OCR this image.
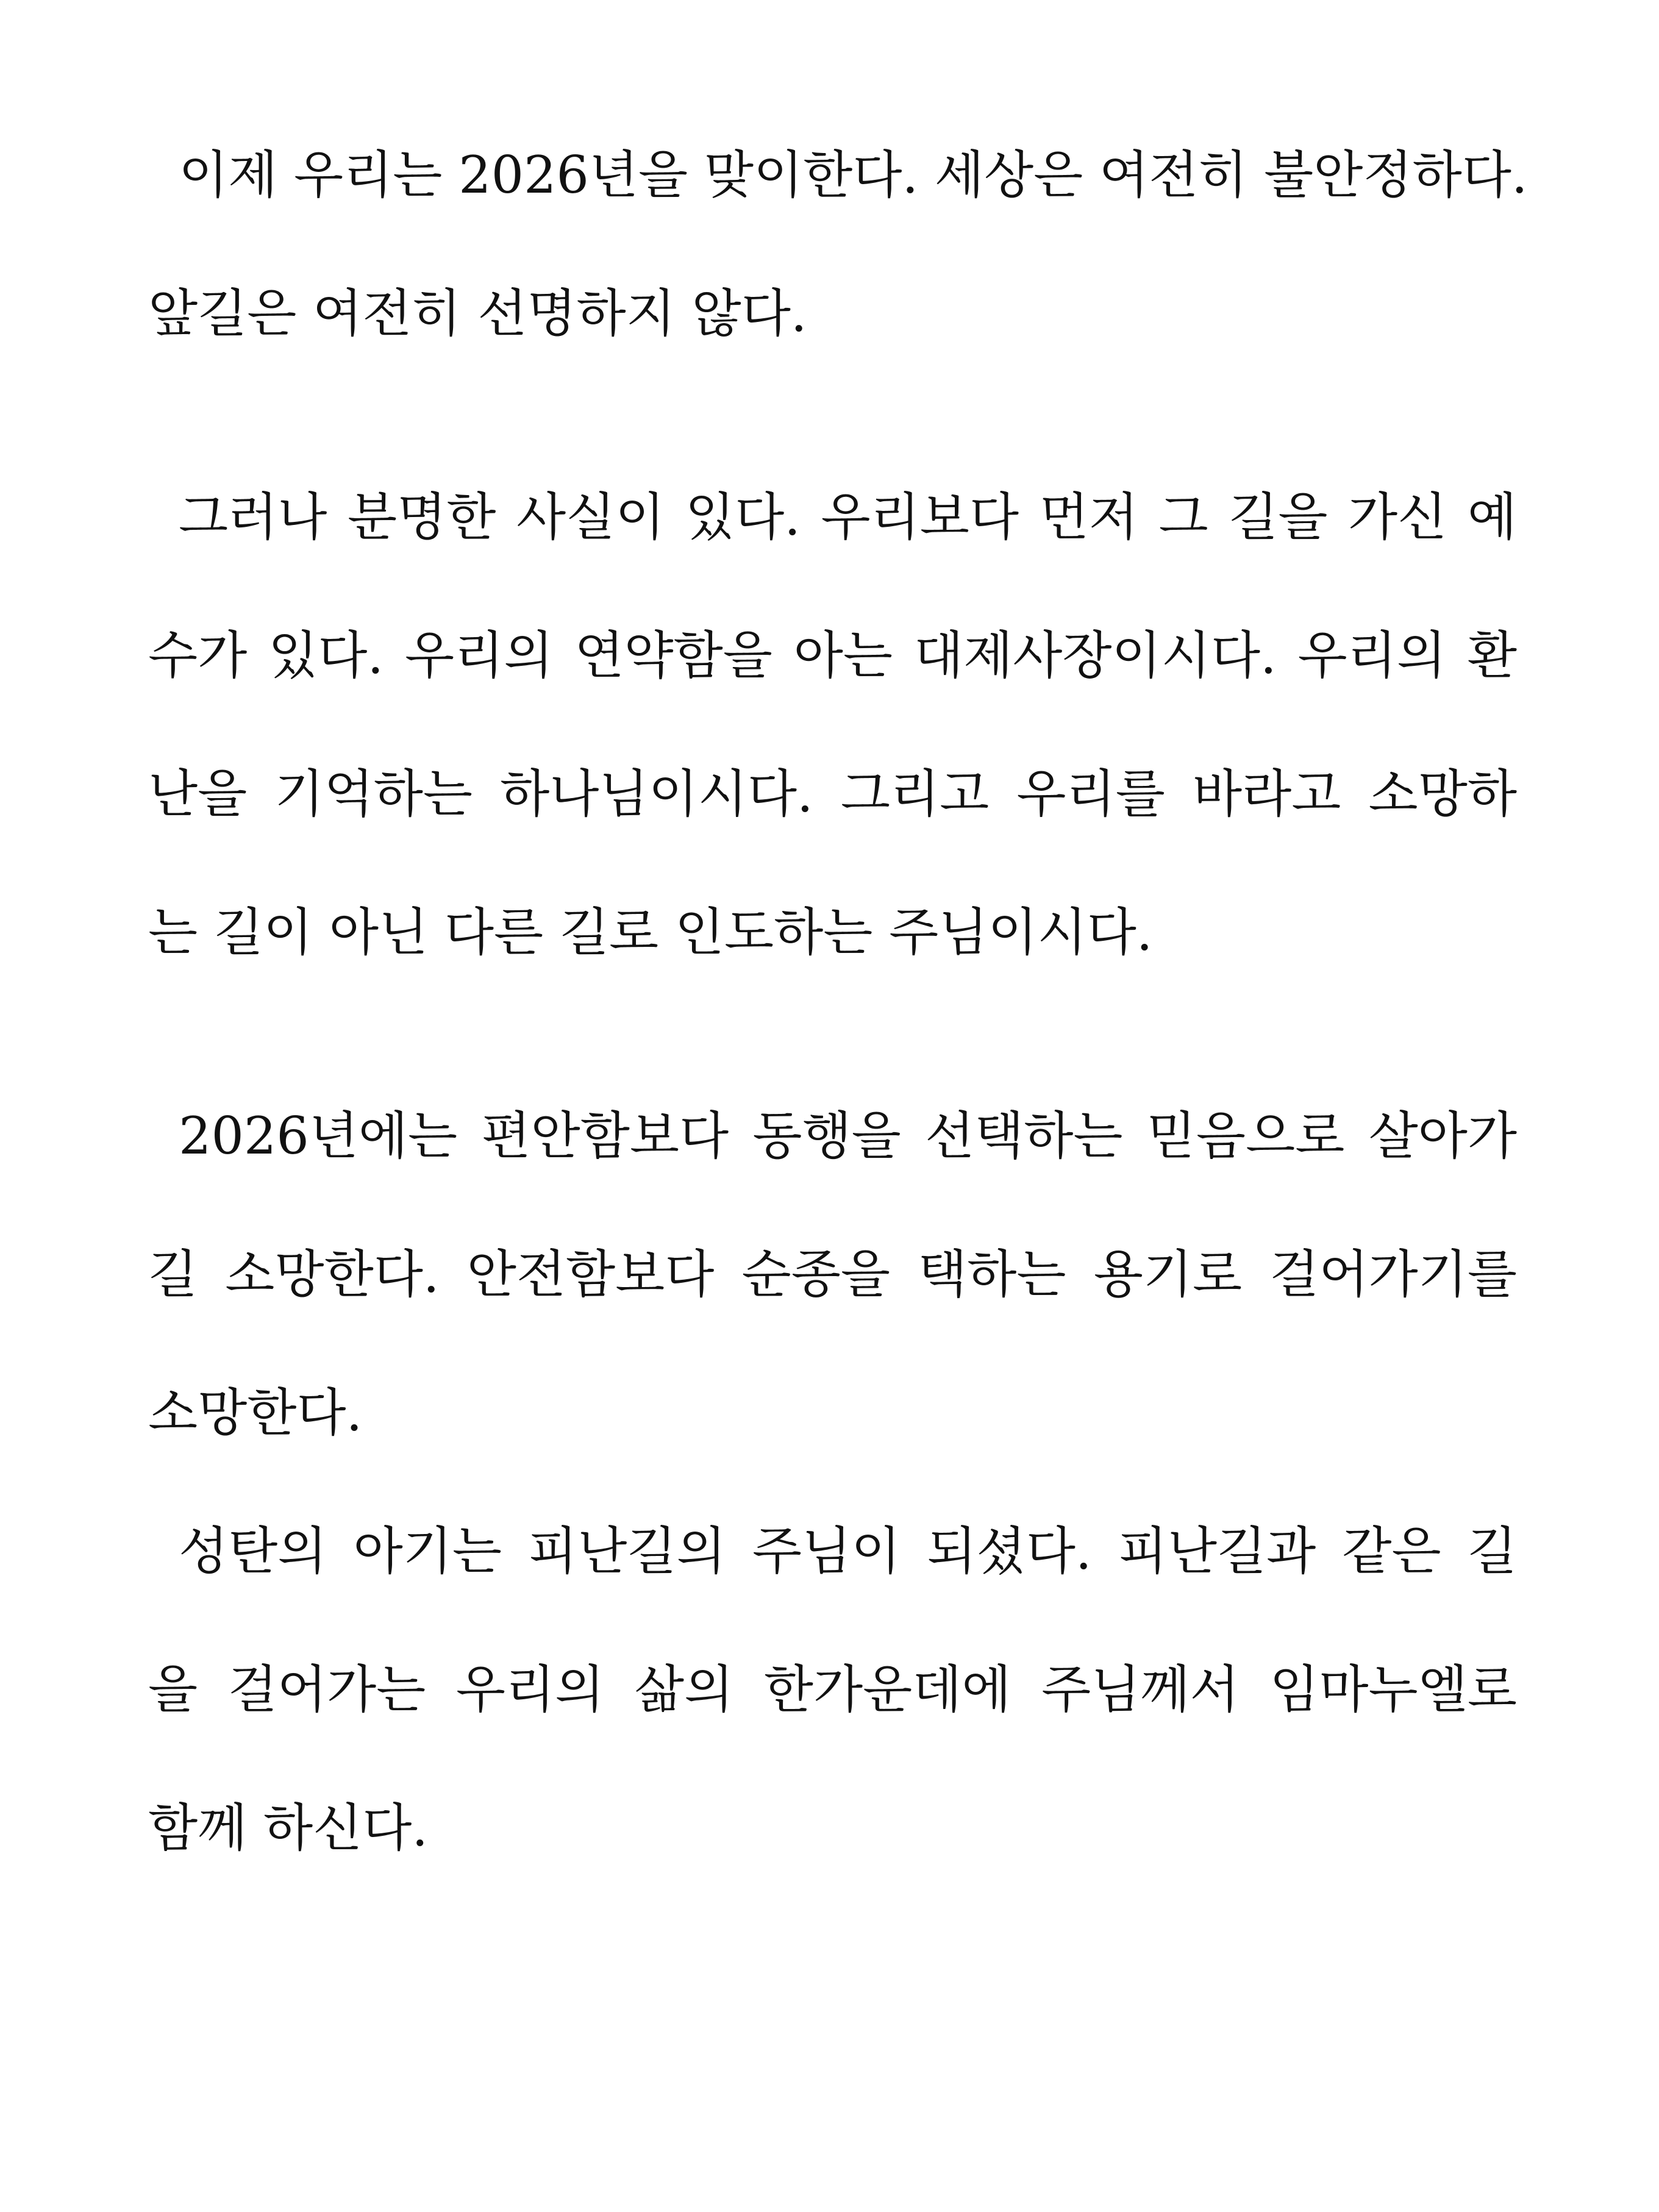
이제 우리는 2026년을 맞이한다. 세상은 여전히 불안정하다.
앞길은 여전히 선명하지 않다.
그러나 분명한 사실이 있다. 우리보다 먼저 그 길을 가신 예
수가 있다. 우리의 연약함을 아는 대제사장이시다. 우리의 환
난을 기억하는 하나님이시다. 그리고 우리를 바라고 소망하
는 길이 아닌 다른 길로 인도하는 주님이시다.
2026년에는 편안함보다 동행을 선택하는 믿음으로 살아가
길 소망한다. 안전함보다 순종을 택하는 용기로 걸어가기를
소망한다.
성탄의 아기는 피난길의 주님이 되셨다. 피난길과 같은 길
을 걸어가는 우리의 삶의 한가운데에 주님께서 임마누엘로
함께 하신다.
